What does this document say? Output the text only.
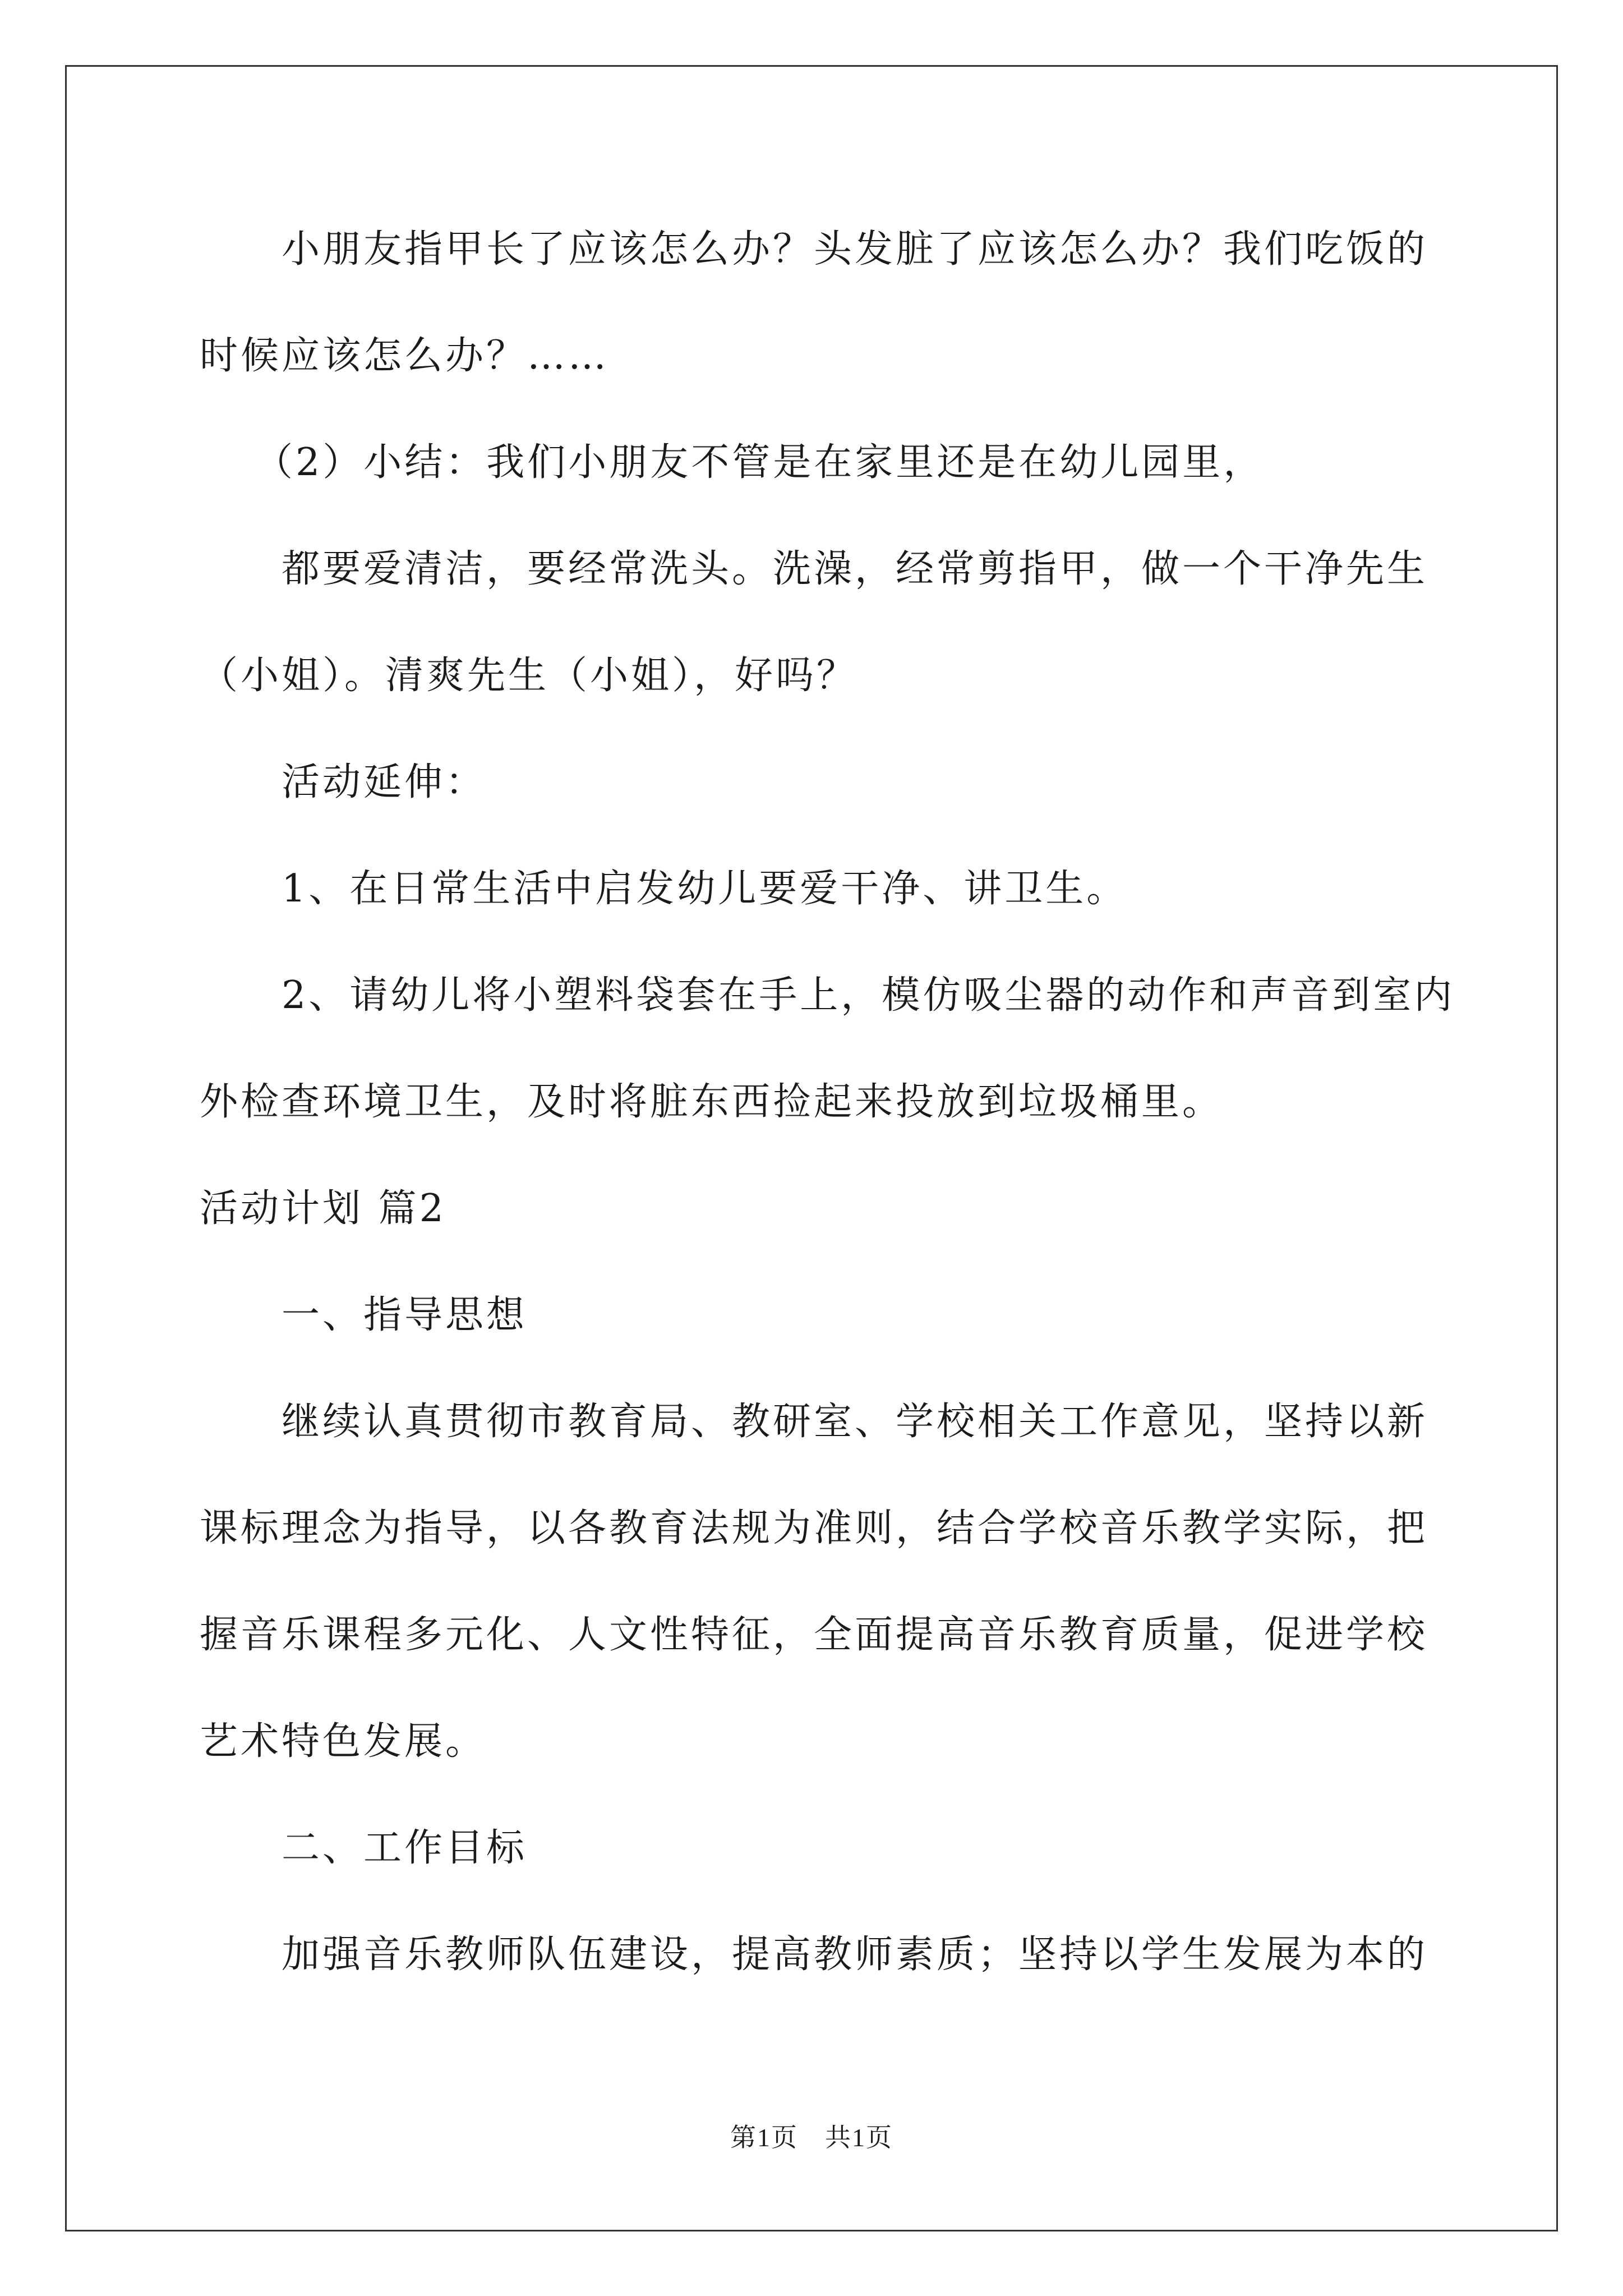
小朋友指甲长了应该怎么办？头发脏了应该怎么办？我们吃饭的
时候应该怎么办？……
（2）小结：我们小朋友不管是在家里还是在幼儿园里，
都要爱清洁，要经常洗头。洗澡，经常剪指甲，做一个干净先生
（小姐）。清爽先生（小姐），好吗？
活动延伸：
1、在日常生活中启发幼儿要爱干净、讲卫生。
2、请幼儿将小塑料袋套在手上，模仿吸尘器的动作和声音到室内
外检查环境卫生，及时将脏东西捡起来投放到垃圾桶里。
活动计划 篇2
一、指导思想
继续认真贯彻市教育局、教研室、学校相关工作意见，坚持以新
课标理念为指导，以各教育法规为准则，结合学校音乐教学实际，把
握音乐课程多元化、人文性特征，全面提高音乐教育质量，促进学校
艺术特色发展。
二、工作目标
加强音乐教师队伍建设，提高教师素质；坚持以学生发展为本的
第1页　共1页
